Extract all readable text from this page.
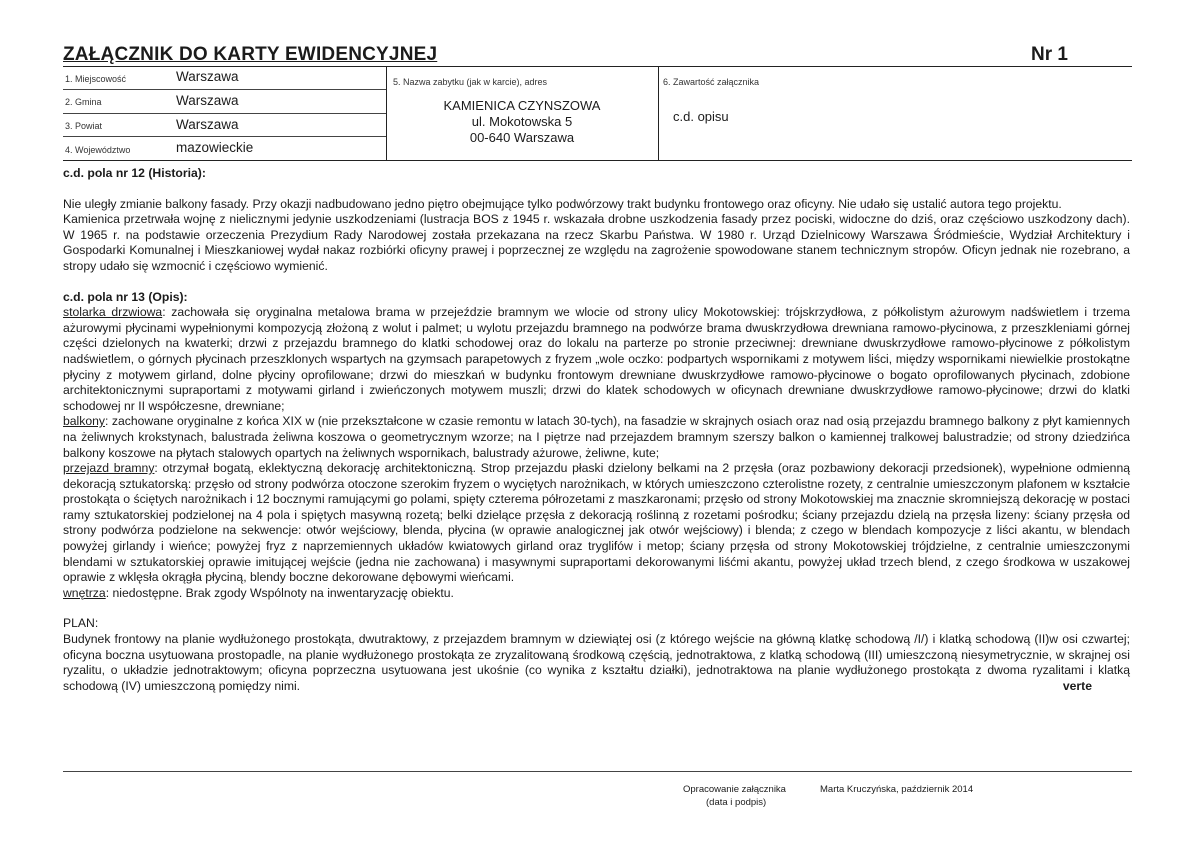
ZAŁĄCZNIK DO KARTY EWIDENCYJNEJ	Nr 1
1. Miejscowość	Warszawa
2. Gmina	Warszawa
3. Powiat	Warszawa
4. Województwo	mazowieckie
5. Nazwa zabytku (jak w karcie), adres
KAMIENICA CZYNSZOWA
ul. Mokotowska 5
00-640 Warszawa
6. Zawartość załącznika
c.d. opisu

c.d. pola nr 12 (Historia):

Nie uległy zmianie balkony fasady. Przy okazji nadbudowano jedno piętro obejmujące tylko podwórzowy trakt budynku frontowego oraz oficyny. Nie udało się ustalić autora tego projektu.

Kamienica przetrwała wojnę z nielicznymi jedynie uszkodzeniami (lustracja BOS z 1945 r. wskazała drobne uszkodzenia fasady przez pociski, widoczne do dziś, oraz częściowo uszkodzony dach). W 1965 r. na podstawie orzeczenia Prezydium Rady Narodowej została przekazana na rzecz Skarbu Państwa. W 1980 r. Urząd Dzielnicowy Warszawa Śródmieście, Wydział Architektury i Gospodarki Komunalnej i Mieszkaniowej wydał nakaz rozbiórki oficyny prawej i poprzecznej ze względu na zagrożenie spowodowane stanem technicznym stropów. Oficyn jednak nie rozebrano, a stropy udało się wzmocnić i częściowo wymienić.

c.d. pola nr 13 (Opis):

stolarka drzwiowa: zachowała się oryginalna metalowa brama w przejeździe bramnym we wlocie od strony ulicy Mokotowskiej: trójskrzydłowa, z półkolistym ażurowym nadświetlem i trzema ażurowymi płycinami wypełnionymi kompozycją złożoną z wolut i palmet; u wylotu przejazdu bramnego na podwórze brama dwuskrzydłowa drewniana ramowo-płycinowa, z przeszkleniami górnej części dzielonych na kwaterki; drzwi z przejazdu bramnego do klatki schodowej oraz do lokalu na parterze po stronie przeciwnej: drewniane dwuskrzydłowe ramowo-płycinowe z półkolistym nadświetlem, o górnych płycinach przeszklonych wspartych na gzymsach parapetowych z fryzem „wole oczko: podpartych wspornikami z motywem liści, między wspornikami niewielkie prostokątne płyciny z motywem girland, dolne płyciny oprofilowane; drzwi do mieszkań w budynku frontowym drewniane dwuskrzydłowe ramowo-płycinowe o bogato oprofilowanych płycinach, zdobione architektonicznymi supraportami z motywami girland i zwieńczonych motywem muszli; drzwi do klatek schodowych w oficynach drewniane dwuskrzydłowe ramowo-płycinowe; drzwi do klatki schodowej nr II współczesne, drewniane;

balkony: zachowane oryginalne z końca XIX w (nie przekształcone w czasie remontu w latach 30-tych), na fasadzie w skrajnych osiach oraz nad osią przejazdu bramnego balkony z płyt kamiennych na żeliwnych krokstynach, balustrada żeliwna koszowa o geometrycznym wzorze; na I piętrze nad przejazdem bramnym szerszy balkon o kamiennej tralkowej balustradzie; od strony dziedzińca balkony koszowe na płytach stalowych opartych na żeliwnych wspornikach, balustrady ażurowe, żeliwne, kute;

przejazd bramny: otrzymał bogatą, eklektyczną dekorację architektoniczną. Strop przejazdu płaski dzielony belkami na 2 przęsła (oraz pozbawiony dekoracji przedsionek), wypełnione odmienną dekoracją sztukatorską: przęsło od strony podwórza otoczone szerokim fryzem o wyciętych narożnikach, w których umieszczono czterolistne rozety, z centralnie umieszczonym plafonem w kształcie prostokąta o ściętych narożnikach i 12 bocznymi ramującymi go polami, spięty czterema półrozetami z maszkaronami; przęsło od strony Mokotowskiej ma znacznie skromniejszą dekorację w postaci ramy sztukatorskiej podzielonej na 4 pola i spiętych masywną rozetą; belki dzielące przęsła z dekoracją roślinną z rozetami pośrodku; ściany przejazdu dzielą na przęsła lizeny: ściany przęsła od strony podwórza podzielone na sekwencje: otwór wejściowy, blenda, płycina (w oprawie analogicznej jak otwór wejściowy) i blenda; z czego w blendach kompozycje z liści akantu, w blendach powyżej girlandy i wieńce; powyżej fryz z naprzemiennych układów kwiatowych girland oraz tryglifów i metop; ściany przęsła od strony Mokotowskiej trójdzielne, z centralnie umieszczonymi blendami w sztukatorskiej oprawie imitującej wejście (jedna nie zachowana) i masywnymi supraportami dekorowanymi liśćmi akantu, powyżej układ trzech blend, z czego środkowa w uszakowej oprawie z wklęsła okrągła płyciną, blendy boczne dekorowane dębowymi wieńcami.

wnętrza: niedostępne. Brak zgody Wspólnoty na inwentaryzację obiektu.

PLAN:

Budynek frontowy na planie wydłużonego prostokąta, dwutraktowy, z przejazdem bramnym w dziewiątej osi (z którego wejście na główną klatkę schodową /I/) i klatką schodową (II)w osi czwartej; oficyna boczna usytuowana prostopadle, na planie wydłużonego prostokąta ze zryzalitowaną środkową częścią, jednotraktowa, z klatką schodową (III) umieszczoną niesymetrycznie, w skrajnej osi ryzalitu, o układzie jednotraktowym; oficyna poprzeczna usytuowana jest ukośnie (co wynika z kształtu działki), jednotraktowa na planie wydłużonego prostokąta z dwoma ryzalitami i klatką schodową (IV) umieszczoną pomiędzy nimi.	verte

Opracowanie załącznika	Marta Kruczyńska, październik 2014
(data i podpis)
